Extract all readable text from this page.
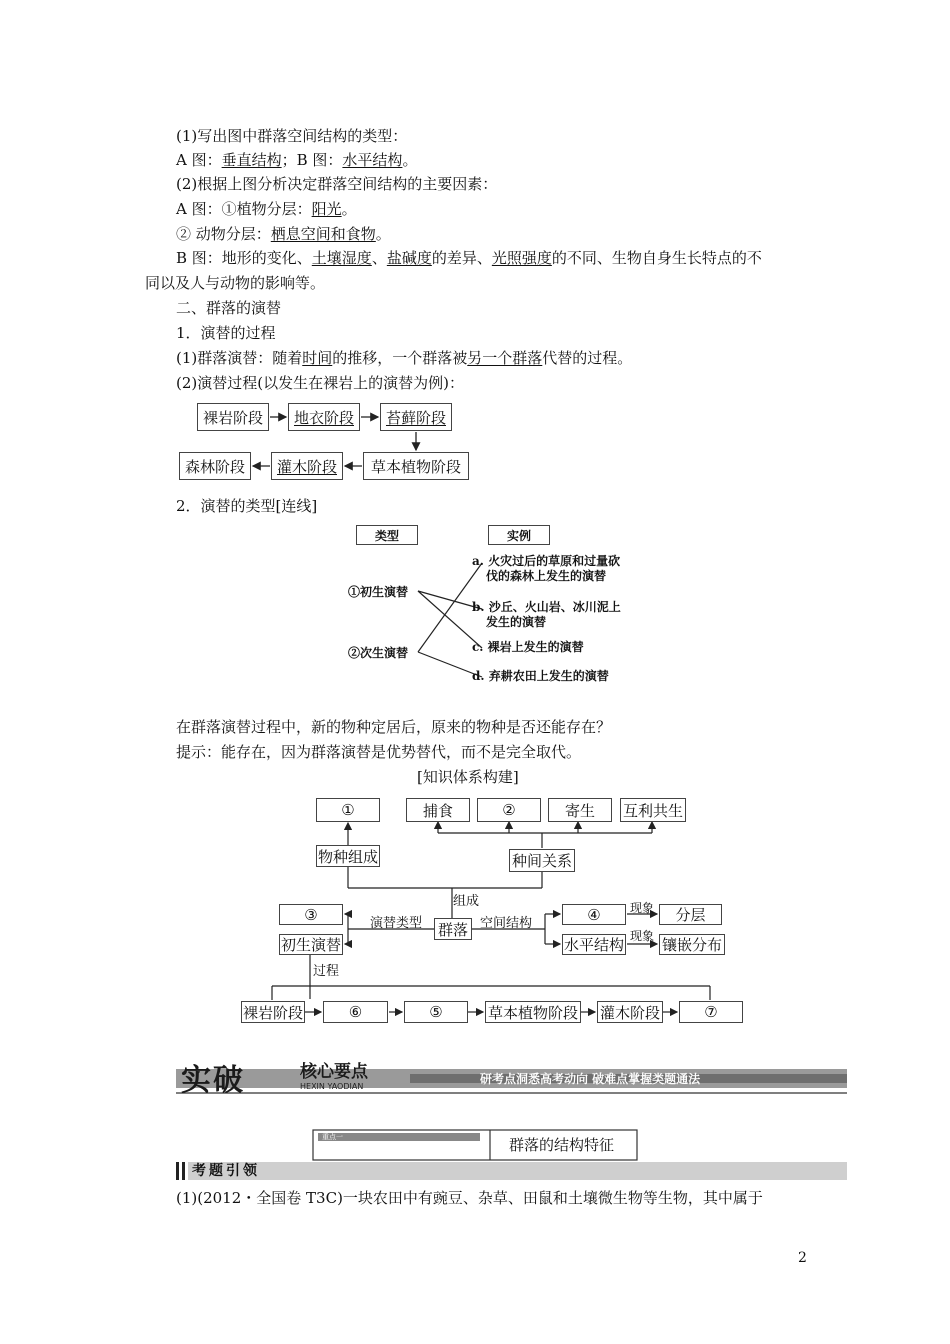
(1)写出图中群落空间结构的类型：
A 图：垂直结构；B 图：水平结构。
(2)根据上图分析决定群落空间结构的主要因素：
A 图：①植物分层：阳光。
② 动物分层：栖息空间和食物。
B 图：地形的变化、土壤湿度、盐碱度的差异、光照强度的不同、生物自身生长特点的不
同以及人与动物的影响等。
二、群落的演替
1．演替的过程
(1)群落演替：随着时间的推移，一个群落被另一个群落代替的过程。
(2)演替过程(以发生在裸岩上的演替为例)：
裸岩阶段	地衣阶段 苔藓阶段
草本植物阶段
灌木阶段
森林阶段
2．演替的类型[连线]
类型	实例
①初生演替
②次生演替
a. 火灾过后的草原和过量砍
伐的森林上发生的演替
b. 沙丘、火山岩、冰川泥上
发生的演替
c. 裸岩上发生的演替
d. 弃耕农田上发生的演替
在群落演替过程中，新的物种定居后，原来的物种是否还能存在？
提示：能存在，因为群落演替是优势替代，而不是完全取代。
[知识体系构建]
①	捕食	②	寄生	互利共生
物种组成	种间关系
组成
群落
演替类型	空间结构
③
初生演替
④
水平结构
现象
现象
分层
镶嵌分布
过程
裸岩阶段	⑥	⑤	草本植物阶段 灌木阶段	⑦
实破	核心要点
HEXIN YAODIAN
研考点洞悉高考动向 破难点掌握类题通法
重点一	群落的结构特征
考题引领
(1)(2012・全国卷 T3C)一块农田中有豌豆、杂草、田鼠和土壤微生物等生物，其中属于
2
